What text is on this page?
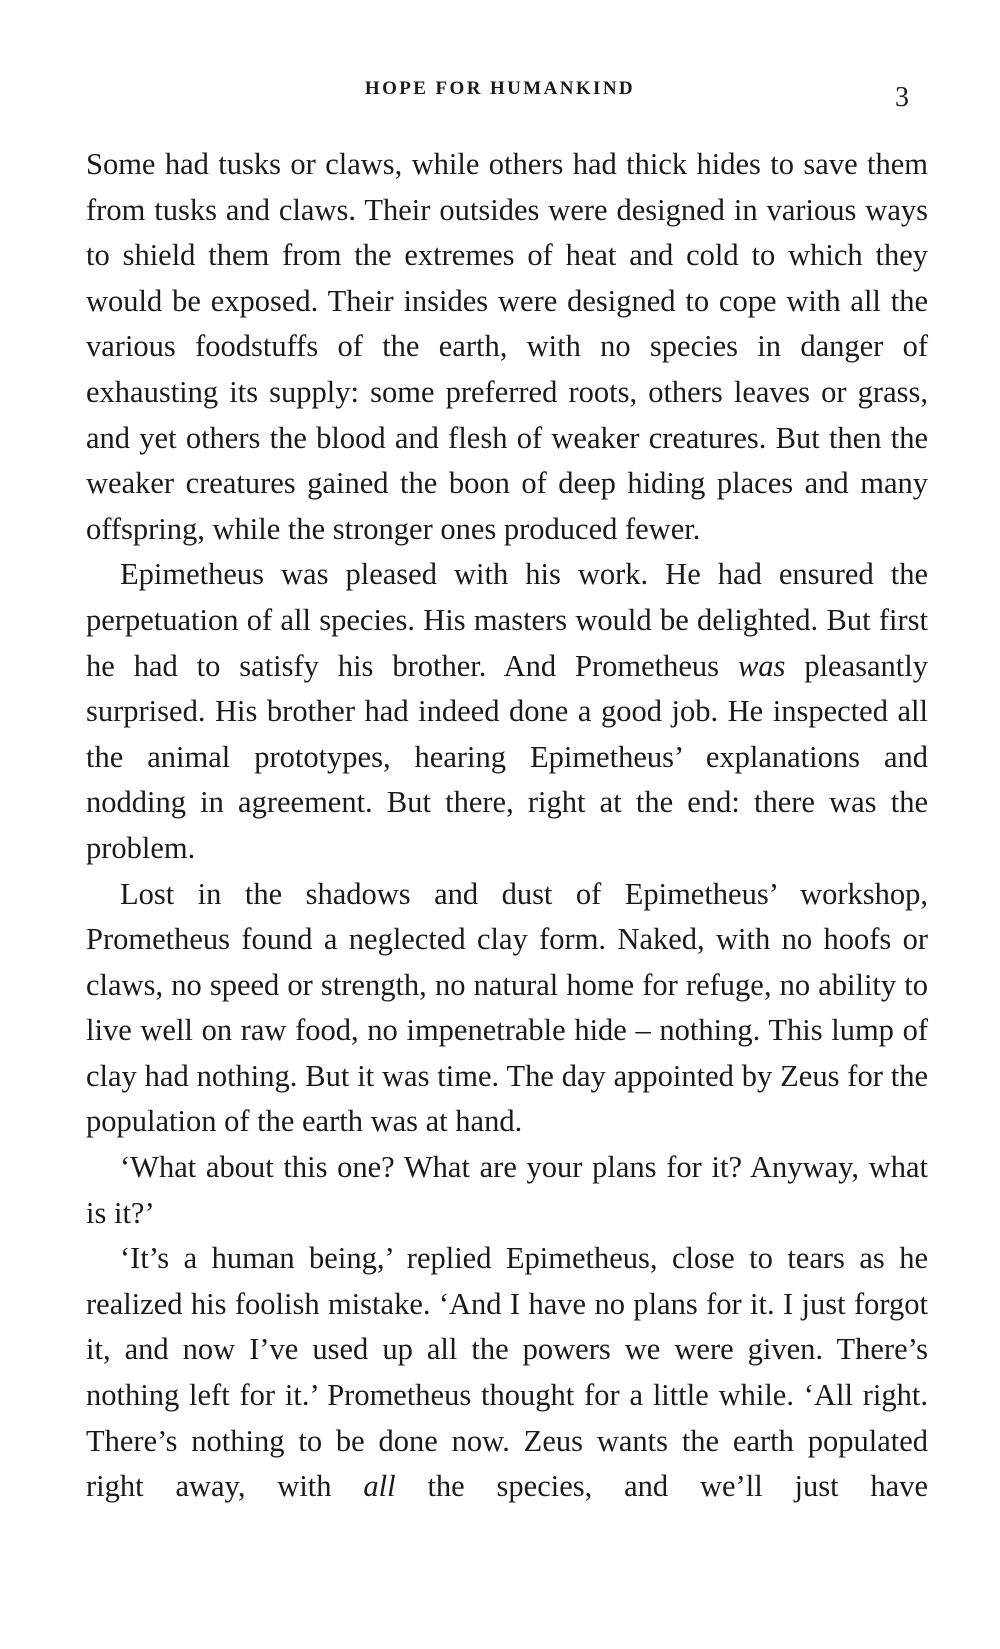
HOPE FOR HUMANKIND	3

Some had tusks or claws, while others had thick hides to save them from tusks and claws. Their outsides were designed in various ways to shield them from the extremes of heat and cold to which they would be exposed. Their insides were designed to cope with all the various foodstuffs of the earth, with no species in danger of exhausting its supply: some preferred roots, others leaves or grass, and yet others the blood and flesh of weaker creatures. But then the weaker creatures gained the boon of deep hiding places and many offspring, while the stronger ones produced fewer.

Epimetheus was pleased with his work. He had ensured the perpetuation of all species. His masters would be delighted. But first he had to satisfy his brother. And Prometheus was pleasantly surprised. His brother had indeed done a good job. He inspected all the animal prototypes, hearing Epimetheus’ explanations and nodding in agreement. But there, right at the end: there was the problem.

Lost in the shadows and dust of Epimetheus’ workshop, Prometheus found a neglected clay form. Naked, with no hoofs or claws, no speed or strength, no natural home for refuge, no ability to live well on raw food, no impenetrable hide – nothing. This lump of clay had nothing. But it was time. The day appointed by Zeus for the population of the earth was at hand.

‘What about this one? What are your plans for it? Anyway, what is it?’

‘It’s a human being,’ replied Epimetheus, close to tears as he realized his foolish mistake. ‘And I have no plans for it. I just forgot it, and now I’ve used up all the powers we were given. There’s nothing left for it.’ Prometheus thought for a little while. ‘All right. There’s nothing to be done now. Zeus wants the earth populated right away, with all the species, and we’ll just have
